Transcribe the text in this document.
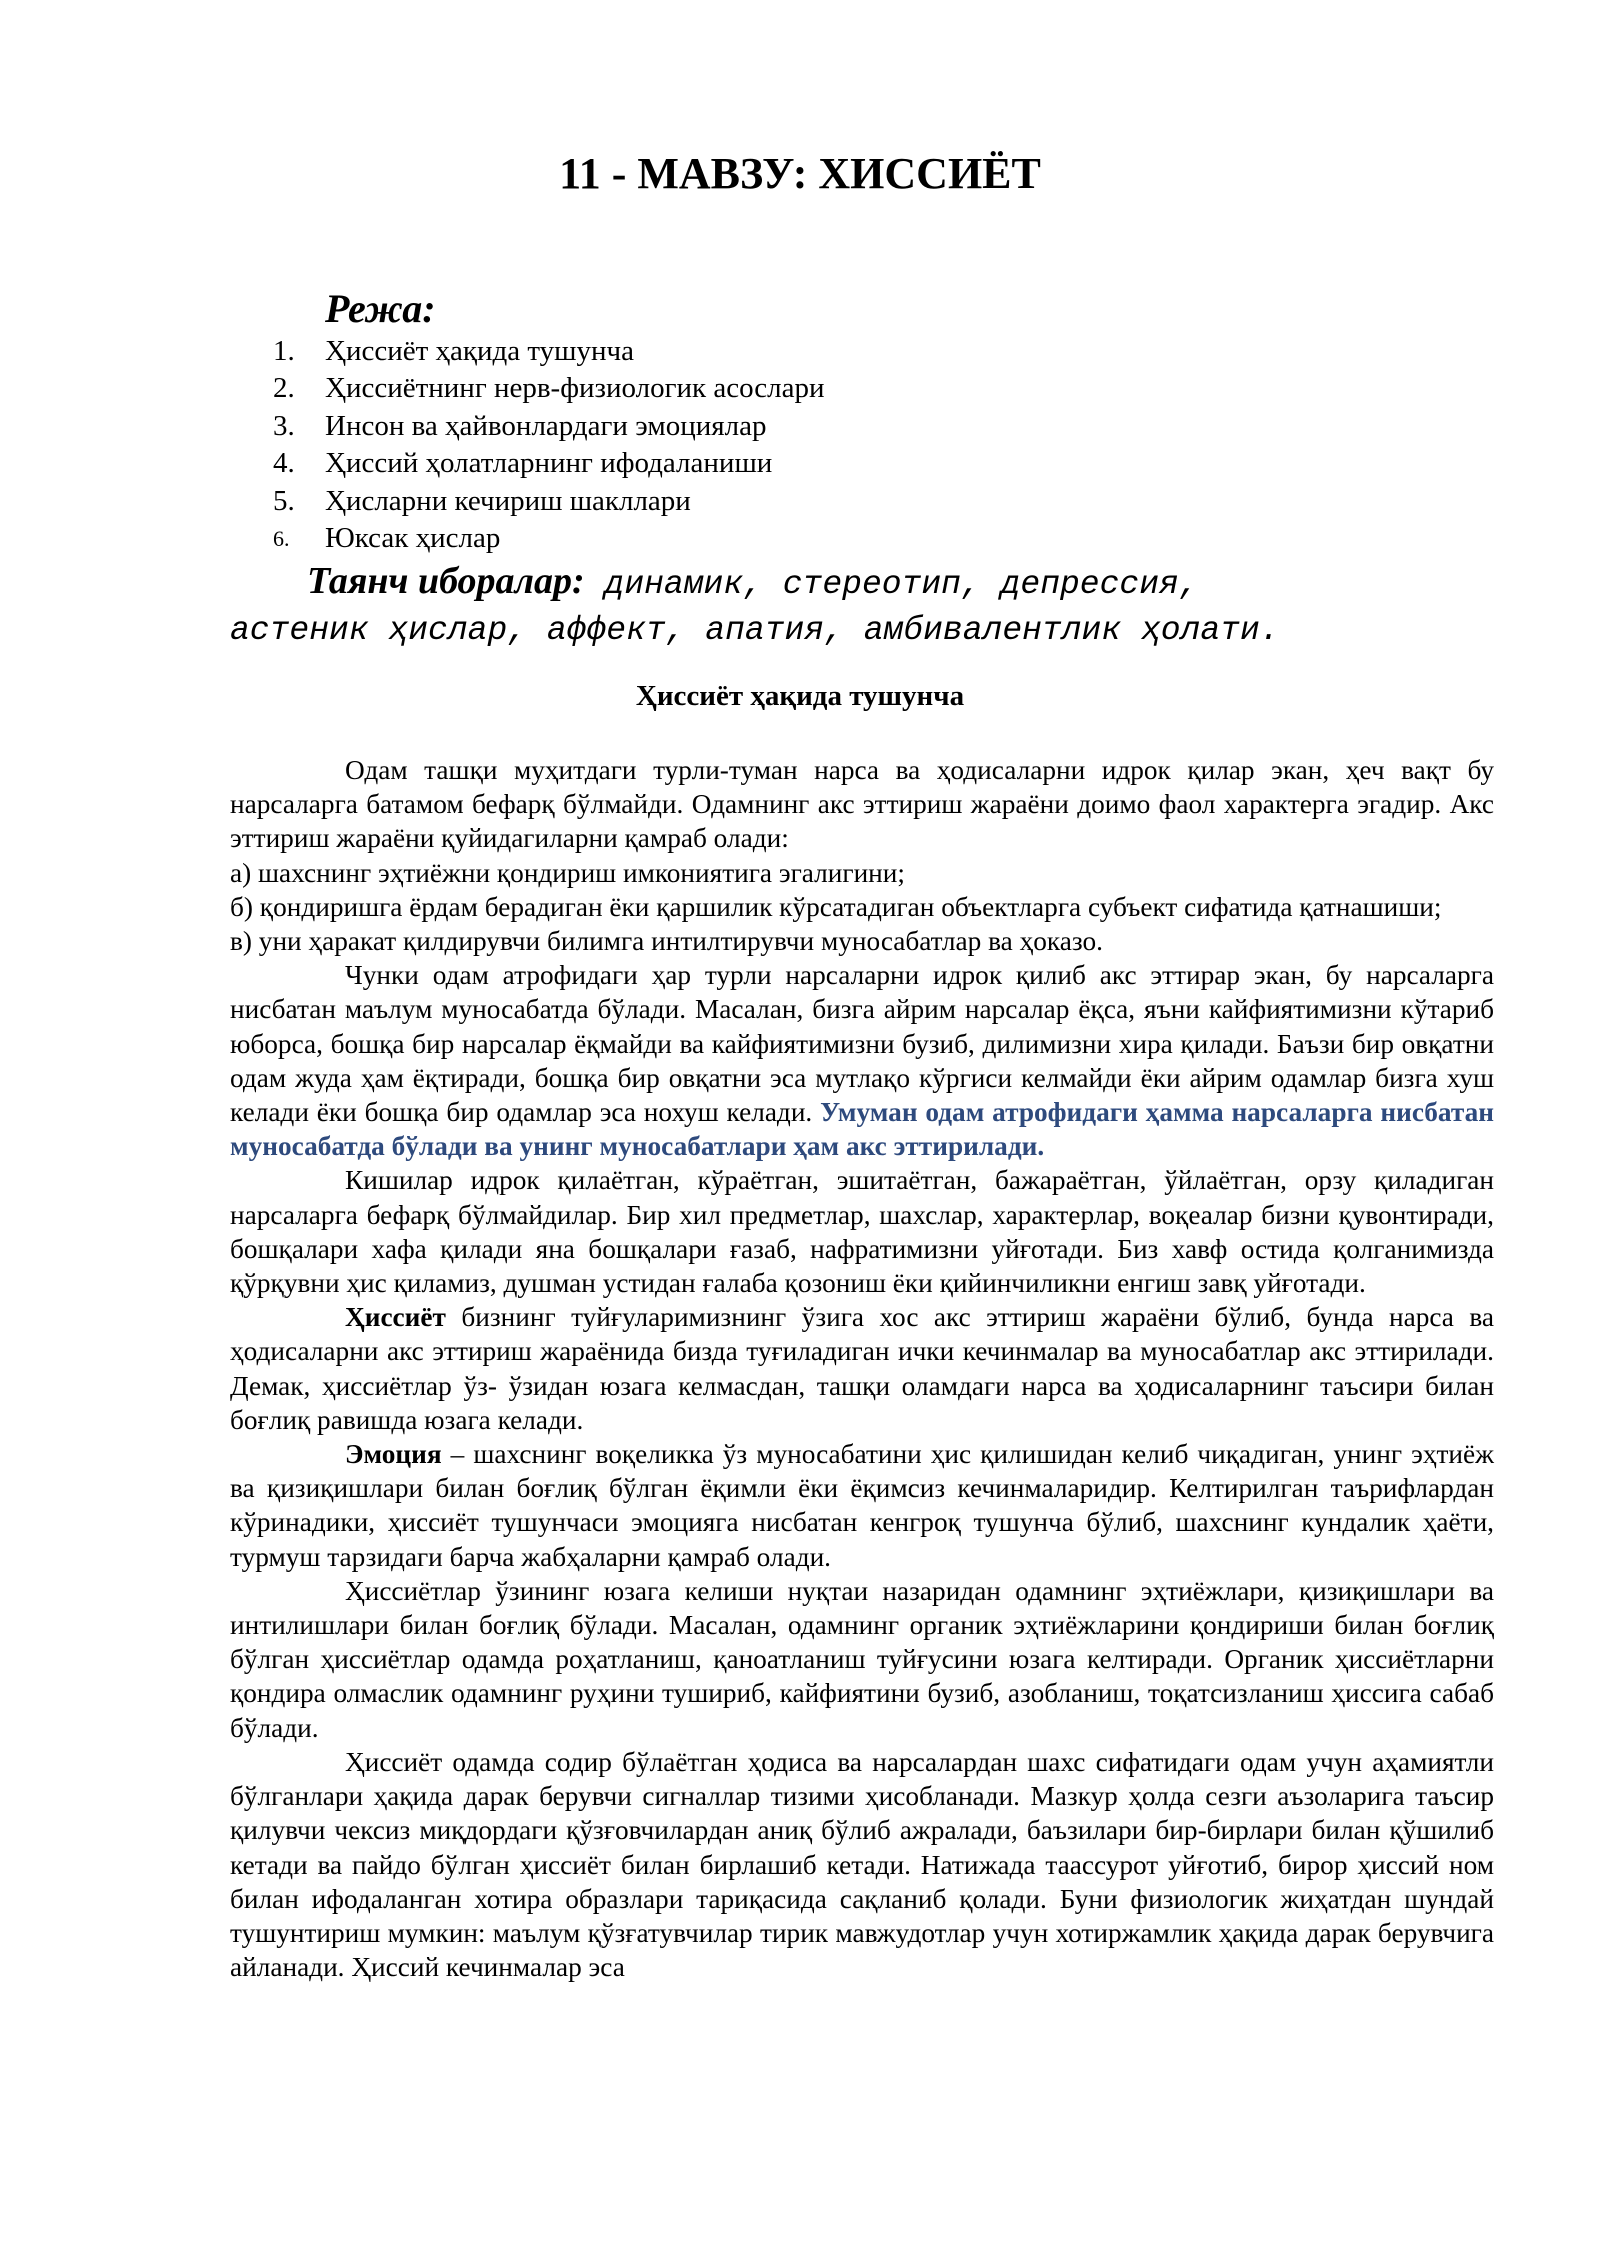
11 - МАВЗУ: ХИССИЁТ
Режа:
1.	Ҳиссиёт ҳақида тушунча
2.	Ҳиссиётнинг нерв-физиологик асослари
3.	Инсон ва ҳайвонлардаги эмоциялар
4.	Ҳиссий ҳолатларнинг ифодаланиши
5.	Ҳисларни кечириш шакллари
6.	Юксак ҳислар
Таянч иборалар: динамик, стереотип, депрессия,
астеник ҳислар, аффект, апатия, амбивалентлик ҳолати.
Ҳиссиёт ҳақида тушунча

Одам ташқи муҳитдаги турли-туман нарса ва ҳодисаларни идрок қилар экан, ҳеч вақт бу нарсаларга батамом бефарқ бўлмайди. Одамнинг акс эттириш жараёни доимо фаол характерга эгадир. Акс эттириш жараёни қуйидагиларни қамраб олади:

а) шахснинг эҳтиёжни қондириш имкониятига эгалигини;

б) қондиришга ёрдам берадиган ёки қаршилик кўрсатадиган объектларга субъект сифатида қатнашиши;

в) уни ҳаракат қилдирувчи билимга интилтирувчи муносабатлар ва ҳоказо.

Чунки одам атрофидаги ҳар турли нарсаларни идрок қилиб акс эттирар экан, бу нарсаларга нисбатан маълум муносабатда бўлади. Масалан, бизга айрим нарсалар ёқса, яъни кайфиятимизни кўтариб юборса, бошқа бир нарсалар ёқмайди ва кайфиятимизни бузиб, дилимизни хира қилади. Баъзи бир овқатни одам жуда ҳам ёқтиради, бошқа бир овқатни эса мутлақо кўргиси келмайди ёки айрим одамлар бизга хуш келади ёки бошқа бир одамлар эса нохуш келади. Умуман одам атрофидаги ҳамма нарсаларга нисбатан муносабатда бўлади ва унинг муносабатлари ҳам акс эттирилади.

Кишилар идрок қилаётган, кўраётган, эшитаётган, бажараётган, ўйлаётган, орзу қиладиган нарсаларга бефарқ бўлмайдилар. Бир хил предметлар, шахслар, характерлар, воқеалар бизни қувонтиради, бошқалари хафа қилади яна бошқалари ғазаб, нафратимизни уйғотади. Биз хавф остида қолганимизда қўрқувни ҳис қиламиз, душман устидан ғалаба қозониш ёки қийинчиликни енгиш завқ уйғотади.

Ҳиссиёт бизнинг туйғуларимизнинг ўзига хос акс эттириш жараёни бўлиб, бунда нарса ва ҳодисаларни акс эттириш жараёнида бизда туғиладиган ички кечинмалар ва муносабатлар акс эттирилади. Демак, ҳиссиётлар ўз- ўзидан юзага келмасдан, ташқи оламдаги нарса ва ҳодисаларнинг таъсири билан боғлиқ равишда юзага келади.

Эмоция – шахснинг воқеликка ўз муносабатини ҳис қилишидан келиб чиқадиган, унинг эҳтиёж ва қизиқишлари билан боғлиқ бўлган ёқимли ёки ёқимсиз кечинмаларидир. Келтирилган таърифлардан кўринадики, ҳиссиёт тушунчаси эмоцияга нисбатан кенгроқ тушунча бўлиб, шахснинг кундалик ҳаёти, турмуш тарзидаги барча жабҳаларни қамраб олади.

Ҳиссиётлар ўзининг юзага келиши нуқтаи назаридан одамнинг эҳтиёжлари, қизиқишлари ва интилишлари билан боғлиқ бўлади. Масалан, одамнинг органик эҳтиёжларини қондириши билан боғлиқ бўлган ҳиссиётлар одамда роҳатланиш, қаноатланиш туйғусини юзага келтиради. Органик ҳиссиётларни қондира олмаслик одамнинг руҳини тушириб, кайфиятини бузиб, азобланиш, тоқатсизланиш ҳиссига сабаб бўлади.

Ҳиссиёт одамда содир бўлаётган ҳодиса ва нарсалардан шахс сифатидаги одам учун аҳамиятли бўлганлари ҳақида дарак берувчи сигналлар тизими ҳисобланади. Мазкур ҳолда сезги аъзоларига таъсир қилувчи чексиз миқдордаги қўзғовчилардан аниқ бўлиб ажралади, баъзилари бир-бирлари билан қўшилиб кетади ва пайдо бўлган ҳиссиёт билан бирлашиб кетади. Натижада таассурот уйғотиб, бирор ҳиссий ном билан ифодаланган хотира образлари тариқасида сақланиб қолади. Буни физиологик жиҳатдан шундай тушунтириш мумкин: маълум қўзғатувчилар тирик мавжудотлар учун хотиржамлик ҳақида дарак берувчига айланади. Ҳиссий кечинмалар эса
